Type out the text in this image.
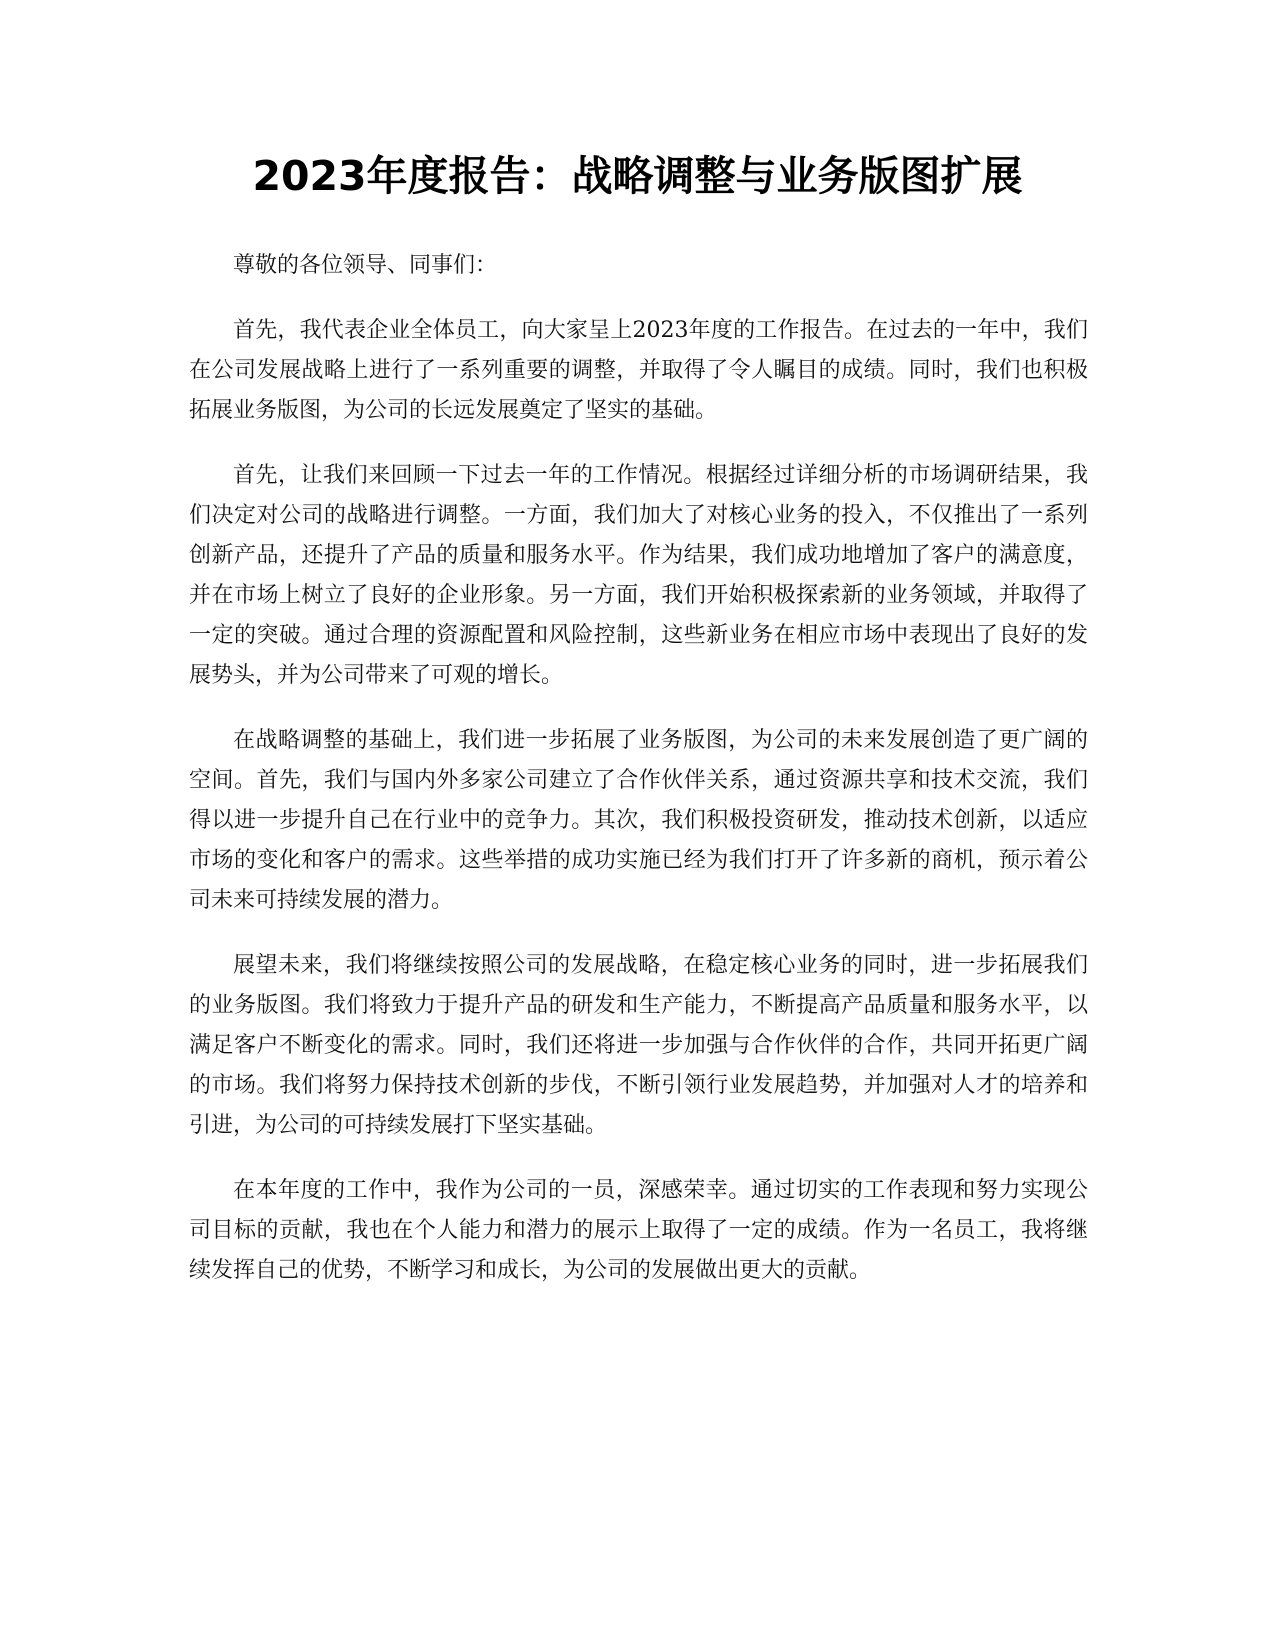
2023年度报告：战略调整与业务版图扩展

尊敬的各位领导、同事们：

首先，我代表企业全体员工，向大家呈上2023年度的工作报告。在过去的一年中，我们在公司发展战略上进行了一系列重要的调整，并取得了令人瞩目的成绩。同时，我们也积极拓展业务版图，为公司的长远发展奠定了坚实的基础。

首先，让我们来回顾一下过去一年的工作情况。根据经过详细分析的市场调研结果，我们决定对公司的战略进行调整。一方面，我们加大了对核心业务的投入，不仅推出了一系列创新产品，还提升了产品的质量和服务水平。作为结果，我们成功地增加了客户的满意度，并在市场上树立了良好的企业形象。另一方面，我们开始积极探索新的业务领域，并取得了一定的突破。通过合理的资源配置和风险控制，这些新业务在相应市场中表现出了良好的发展势头，并为公司带来了可观的增长。

在战略调整的基础上，我们进一步拓展了业务版图，为公司的未来发展创造了更广阔的空间。首先，我们与国内外多家公司建立了合作伙伴关系，通过资源共享和技术交流，我们得以进一步提升自己在行业中的竞争力。其次，我们积极投资研发，推动技术创新，以适应市场的变化和客户的需求。这些举措的成功实施已经为我们打开了许多新的商机，预示着公司未来可持续发展的潜力。

展望未来，我们将继续按照公司的发展战略，在稳定核心业务的同时，进一步拓展我们的业务版图。我们将致力于提升产品的研发和生产能力，不断提高产品质量和服务水平，以满足客户不断变化的需求。同时，我们还将进一步加强与合作伙伴的合作，共同开拓更广阔的市场。我们将努力保持技术创新的步伐，不断引领行业发展趋势，并加强对人才的培养和引进，为公司的可持续发展打下坚实基础。

在本年度的工作中，我作为公司的一员，深感荣幸。通过切实的工作表现和努力实现公司目标的贡献，我也在个人能力和潜力的展示上取得了一定的成绩。作为一名员工，我将继续发挥自己的优势，不断学习和成长，为公司的发展做出更大的贡献。
